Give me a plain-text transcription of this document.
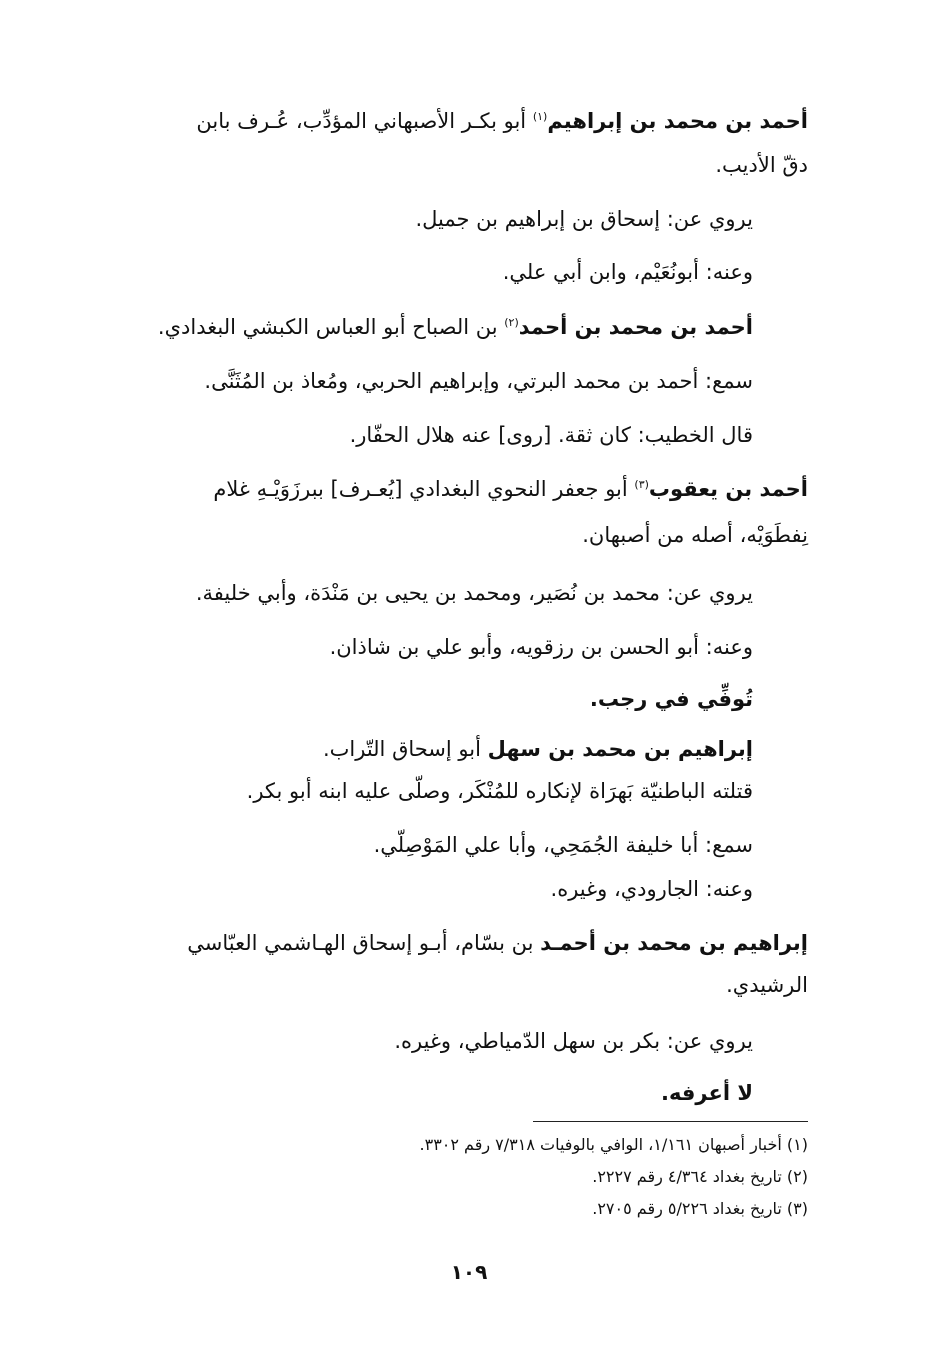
أحمد بن محمد بن إبراهيم$^{(١)}$ أبو بكـر الأصبهاني المؤدِّب، عُـرف بابن
دقّ الأديب.
يروي عن: إسحاق بن إبراهيم بن جميل.
وعنه: أبونُعَيْم، وابن أبي علي.
أحمد بن محمد بن أحمد$^{(٢)}$ بن الصباح أبو العباس الكبشي البغدادي.
سمع: أحمد بن محمد البرتي، وإبراهيم الحربي، ومُعاذ بن المُثَنَّى.
قال الخطيب: كان ثقة. [روى] عنه هلال الحفّار.
أحمد بن يعقوب$^{(٣)}$ أبو جعفر النحوي البغدادي [يُعـرف] ببرزَوَيْـهِ غلام
نِفطَوَيْه، أصله من أصبهان.
يروي عن: محمد بن نُصَير، ومحمد بن يحيى بن مَنْدَة، وأبي خليفة.
وعنه: أبو الحسن بن رزقويه، وأبو علي بن شاذان.
تُوفِّي في رجب.
إبراهيم بن محمد بن سهل أبو إسحاق التّراب.
قتلته الباطنيّة بَهرَاة لإنكاره للمُنْكَر، وصلّى عليه ابنه أبو بكر.
سمع: أبا خليفة الجُمَحِي، وأبا علي المَوْصِلّي.
وعنه: الجارودي، وغيره.
إبراهيم بن محمد بن أحمـد بن بسّام، أبـو إسحاق الهـاشمي العبّاسي
الرشيدي.
يروي عن: بكر بن سهل الدّمياطي، وغيره.
لا أعرفه.
(١) أخبار أصبهان ١/١٦١، الوافي بالوفيات ٧/٣١٨ رقم ٣٣٠٢.
(٢) تاريخ بغداد ٤/٣٦٤ رقم ٢٢٢٧.
(٣) تاريخ بغداد ٥/٢٢٦ رقم ٢٧٠٥.
١٠٩
